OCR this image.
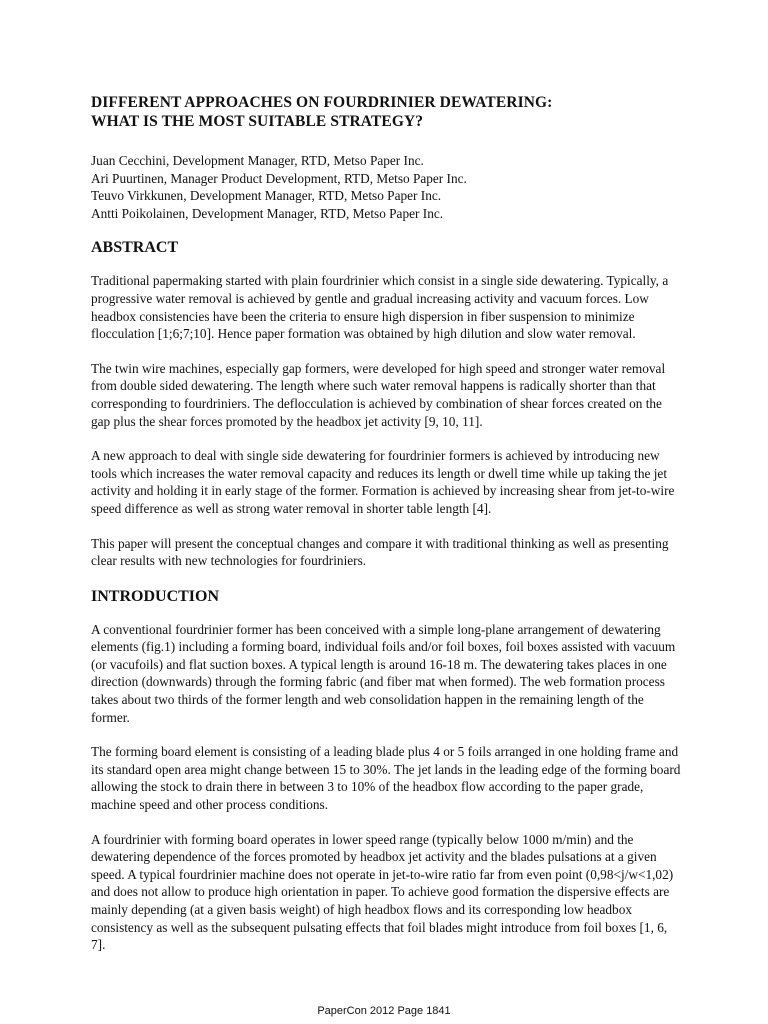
DIFFERENT APPROACHES ON FOURDRINIER DEWATERING:
WHAT IS THE MOST SUITABLE STRATEGY?
Juan Cecchini, Development Manager, RTD, Metso Paper Inc.
Ari Puurtinen, Manager Product Development, RTD, Metso Paper Inc.
Teuvo Virkkunen, Development Manager, RTD, Metso Paper Inc.
Antti Poikolainen, Development Manager, RTD, Metso Paper Inc.
ABSTRACT

Traditional papermaking started with plain fourdrinier which consist in a single side dewatering. Typically, a progressive water removal is achieved by gentle and gradual increasing activity and vacuum forces. Low headbox consistencies have been the criteria to ensure high dispersion in fiber suspension to minimize flocculation [1;6;7;10]. Hence paper formation was obtained by high dilution and slow water removal.

The twin wire machines, especially gap formers, were developed for high speed and stronger water removal from double sided dewatering. The length where such water removal happens is radically shorter than that corresponding to fourdriniers. The deflocculation is achieved by combination of shear forces created on the gap plus the shear forces promoted by the headbox jet activity [9, 10, 11].

A new approach to deal with single side dewatering for fourdrinier formers is achieved by introducing new tools which increases the water removal capacity and reduces its length or dwell time while up taking the jet activity and holding it in early stage of the former. Formation is achieved by increasing shear from jet-to-wire speed difference as well as strong water removal in shorter table length [4].

This paper will present the conceptual changes and compare it with traditional thinking as well as presenting clear results with new technologies for fourdriniers.

INTRODUCTION

A conventional fourdrinier former has been conceived with a simple long-plane arrangement of dewatering elements (fig.1) including a forming board, individual foils and/or foil boxes, foil boxes assisted with vacuum (or vacufoils) and flat suction boxes. A typical length is around 16-18 m. The dewatering takes places in one direction (downwards) through the forming fabric (and fiber mat when formed). The web formation process takes about two thirds of the former length and web consolidation happen in the remaining length of the former.

The forming board element is consisting of a leading blade plus 4 or 5 foils arranged in one holding frame and its standard open area might change between 15 to 30%. The jet lands in the leading edge of the forming board allowing the stock to drain there in between 3 to 10% of the headbox flow according to the paper grade, machine speed and other process conditions.

A fourdrinier with forming board operates in lower speed range (typically below 1000 m/min) and the dewatering dependence of the forces promoted by headbox jet activity and the blades pulsations at a given speed. A typical fourdrinier machine does not operate in jet-to-wire ratio far from even point (0,98<j/w<1,02) and does not allow to produce high orientation in paper. To achieve good formation the dispersive effects are mainly depending (at a given basis weight) of high headbox flows and its corresponding low headbox consistency as well as the subsequent pulsating effects that foil blades might introduce from foil boxes [1, 6, 7].

PaperCon 2012 Page 1841
